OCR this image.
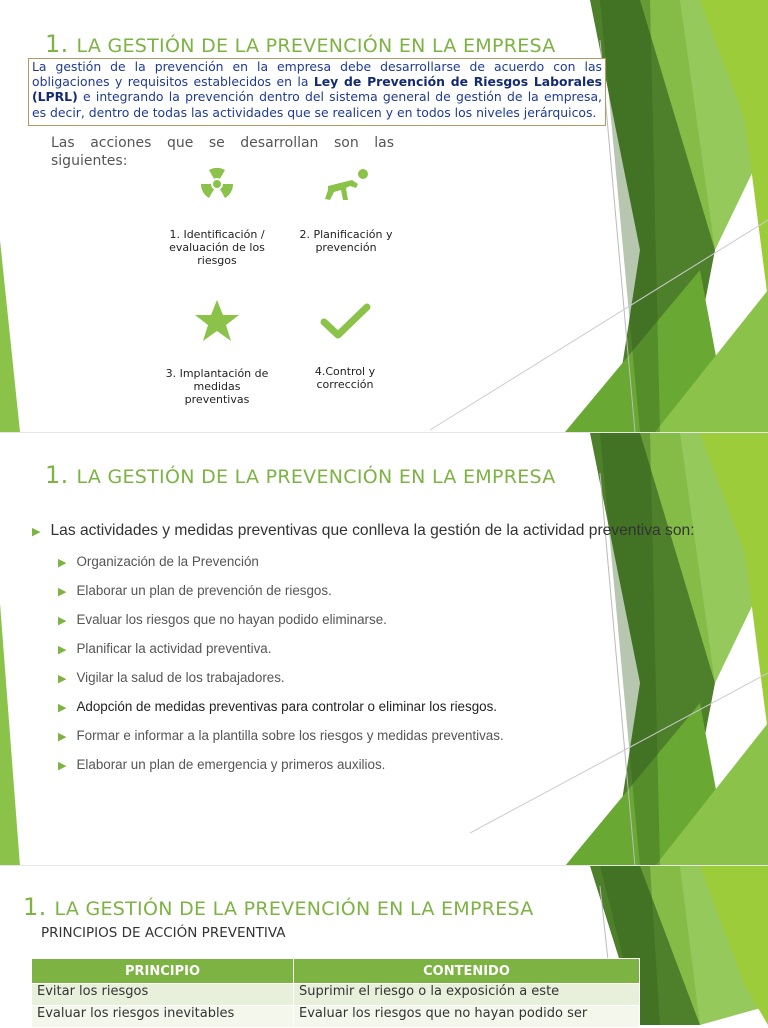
1. LA GESTIÓN DE LA PREVENCIÓN EN LA EMPRESA
La gestión de la prevención en la empresa debe desarrollarse de acuerdo con las obligaciones y requisitos establecidos en la Ley de Prevención de Riesgos Laborales (LPRL) e integrando la prevención dentro del sistema general de gestión de la empresa, es decir, dentro de todas las actividades que se realicen y en todos los niveles jerárquicos.
Las acciones que se desarrollan son las siguientes:
1. Identificación / evaluación de los riesgos
2. Planificación y prevención
3. Implantación de medidas preventivas
4.Control y corrección
1. LA GESTIÓN DE LA PREVENCIÓN EN LA EMPRESA
▶ Las actividades y medidas preventivas que conlleva la gestión de la actividad preventiva son:
▶ Organización de la Prevención
▶ Elaborar un plan de prevención de riesgos.
▶ Evaluar los riesgos que no hayan podido eliminarse.
▶ Planificar la actividad preventiva.
▶ Vigilar la salud de los trabajadores.
▶ Adopción de medidas preventivas para controlar o eliminar los riesgos.
▶ Formar e informar a la plantilla sobre los riesgos y medidas preventivas.
▶ Elaborar un plan de emergencia y primeros auxilios.
1. LA GESTIÓN DE LA PREVENCIÓN EN LA EMPRESA
PRINCIPIOS DE ACCIÓN PREVENTIVA
PRINCIPIO	CONTENIDO
Evitar los riesgos	Suprimir el riesgo o la exposición a este
Evaluar los riesgos inevitables	Evaluar los riesgos que no hayan podido ser
